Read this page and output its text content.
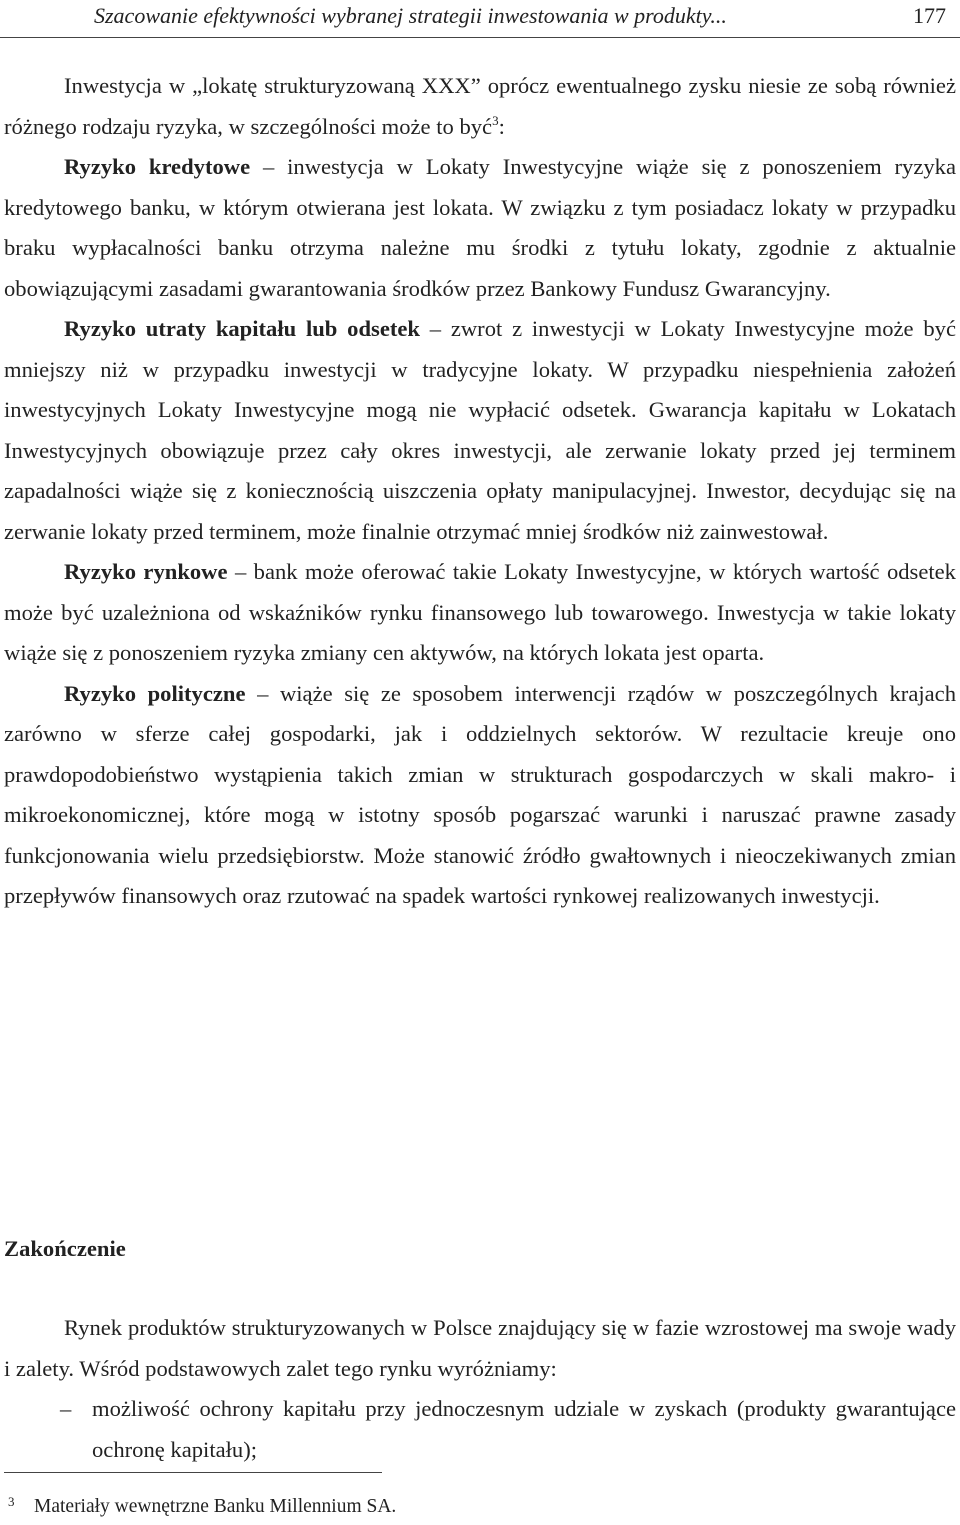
Szacowanie efektywności wybranej strategii inwestowania w produkty...	177

Inwestycja w „lokatę strukturyzowaną XXX” oprócz ewentualnego zysku niesie ze sobą również różnego rodzaju ryzyka, w szczególności może to być$^3$:

Ryzyko kredytowe – inwestycja w Lokaty Inwestycyjne wiąże się z ponoszeniem ryzyka kredytowego banku, w którym otwierana jest lokata. W związku z tym posiadacz lokaty w przypadku braku wypłacalności banku otrzyma należne mu środki z tytułu lokaty, zgodnie z aktualnie obowiązującymi zasadami gwarantowania środków przez Bankowy Fundusz Gwarancyjny.

Ryzyko utraty kapitału lub odsetek – zwrot z inwestycji w Lokaty Inwestycyjne może być mniejszy niż w przypadku inwestycji w tradycyjne lokaty. W przypadku niespełnienia założeń inwestycyjnych Lokaty Inwestycyjne mogą nie wypłacić odsetek. Gwarancja kapitału w Lokatach Inwestycyjnych obowiązuje przez cały okres inwestycji, ale zerwanie lokaty przed jej terminem zapadalności wiąże się z koniecznością uiszczenia opłaty manipulacyjnej. Inwestor, decydując się na zerwanie lokaty przed terminem, może finalnie otrzymać mniej środków niż zainwestował.

Ryzyko rynkowe – bank może oferować takie Lokaty Inwestycyjne, w których wartość odsetek może być uzależniona od wskaźników rynku finansowego lub towarowego. Inwestycja w takie lokaty wiąże się z ponoszeniem ryzyka zmiany cen aktywów, na których lokata jest oparta.

Ryzyko polityczne – wiąże się ze sposobem interwencji rządów w poszczególnych krajach zarówno w sferze całej gospodarki, jak i oddzielnych sektorów. W rezultacie kreuje ono prawdopodobieństwo wystąpienia takich zmian w strukturach gospodarczych w skali makro- i mikroekonomicznej, które mogą w istotny sposób pogarszać warunki i naruszać prawne zasady funkcjonowania wielu przedsiębiorstw. Może stanowić źródło gwałtownych i nieoczekiwanych zmian przepływów finansowych oraz rzutować na spadek wartości rynkowej realizowanych inwestycji.

Zakończenie

Rynek produktów strukturyzowanych w Polsce znajdujący się w fazie wzrostowej ma swoje wady i zalety. Wśród podstawowych zalet tego rynku wyróżniamy:

– możliwość ochrony kapitału przy jednoczesnym udziale w zyskach (produkty gwarantujące ochronę kapitału);
3 Materiały wewnętrzne Banku Millennium SA.
